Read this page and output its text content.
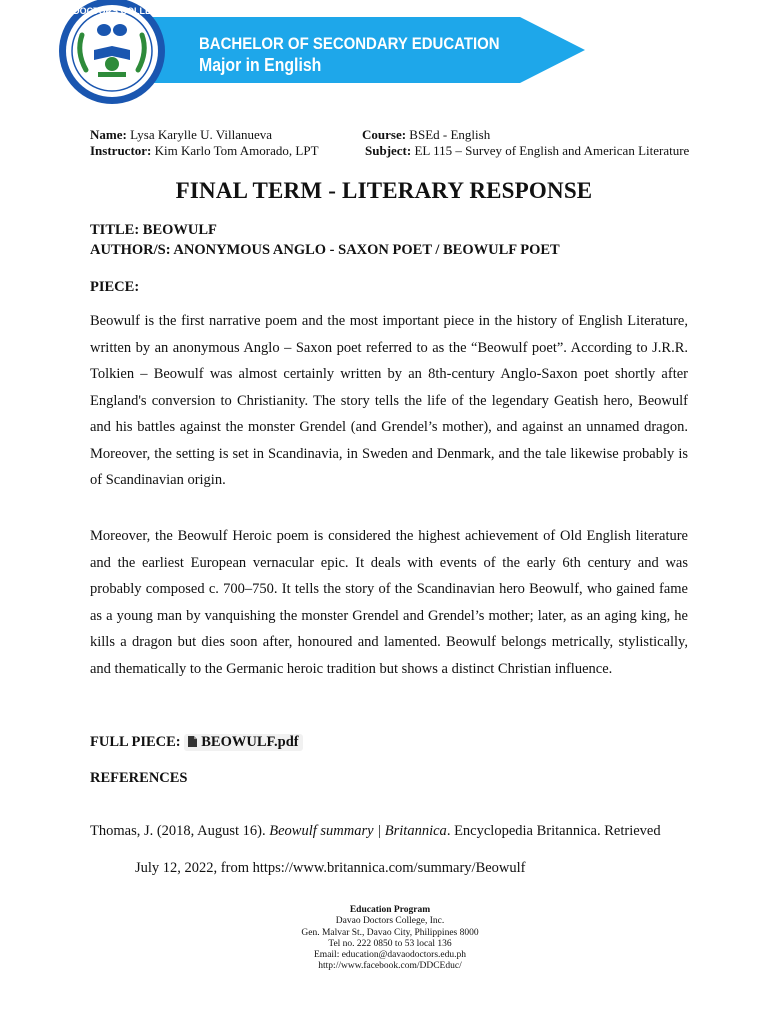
DAVAO DOCTORS COLLEGE, INC
BACHELOR OF SECONDARY EDUCATION
Major in English
Name: Lysa Karylle U. Villanueva	Course: BSEd - English
Instructor: Kim Karlo Tom Amorado, LPT	Subject: EL 115 – Survey of English and American Literature
FINAL TERM - LITERARY RESPONSE
TITLE: BEOWULF
AUTHOR/S: ANONYMOUS ANGLO - SAXON POET / BEOWULF POET
PIECE:

Beowulf is the first narrative poem and the most important piece in the history of English Literature, written by an anonymous Anglo – Saxon poet referred to as the “Beowulf poet”. According to J.R.R. Tolkien – Beowulf was almost certainly written by an 8th-century Anglo-Saxon poet shortly after England's conversion to Christianity. The story tells the life of the legendary Geatish hero, Beowulf and his battles against the monster Grendel (and Grendel’s mother), and against an unnamed dragon. Moreover, the setting is set in Scandinavia, in Sweden and Denmark, and the tale likewise probably is of Scandinavian origin.

Moreover, the Beowulf Heroic poem is considered the highest achievement of Old English literature and the earliest European vernacular epic. It deals with events of the early 6th century and was probably composed c. 700–750. It tells the story of the Scandinavian hero Beowulf, who gained fame as a young man by vanquishing the monster Grendel and Grendel’s mother; later, as an aging king, he kills a dragon but dies soon after, honoured and lamented. Beowulf belongs metrically, stylistically, and thematically to the Germanic heroic tradition but shows a distinct Christian influence.

FULL PIECE: BEOWULF.pdf
REFERENCES
Thomas, J. (2018, August 16). Beowulf summary | Britannica. Encyclopedia Britannica. Retrieved
July 12, 2022, from https://www.britannica.com/summary/Beowulf
Education Program
Davao Doctors College, Inc.
Gen. Malvar St., Davao City, Philippines 8000
Tel no. 222 0850 to 53 local 136
Email: education@davaodoctors.edu.ph
http://www.facebook.com/DDCEduc/
